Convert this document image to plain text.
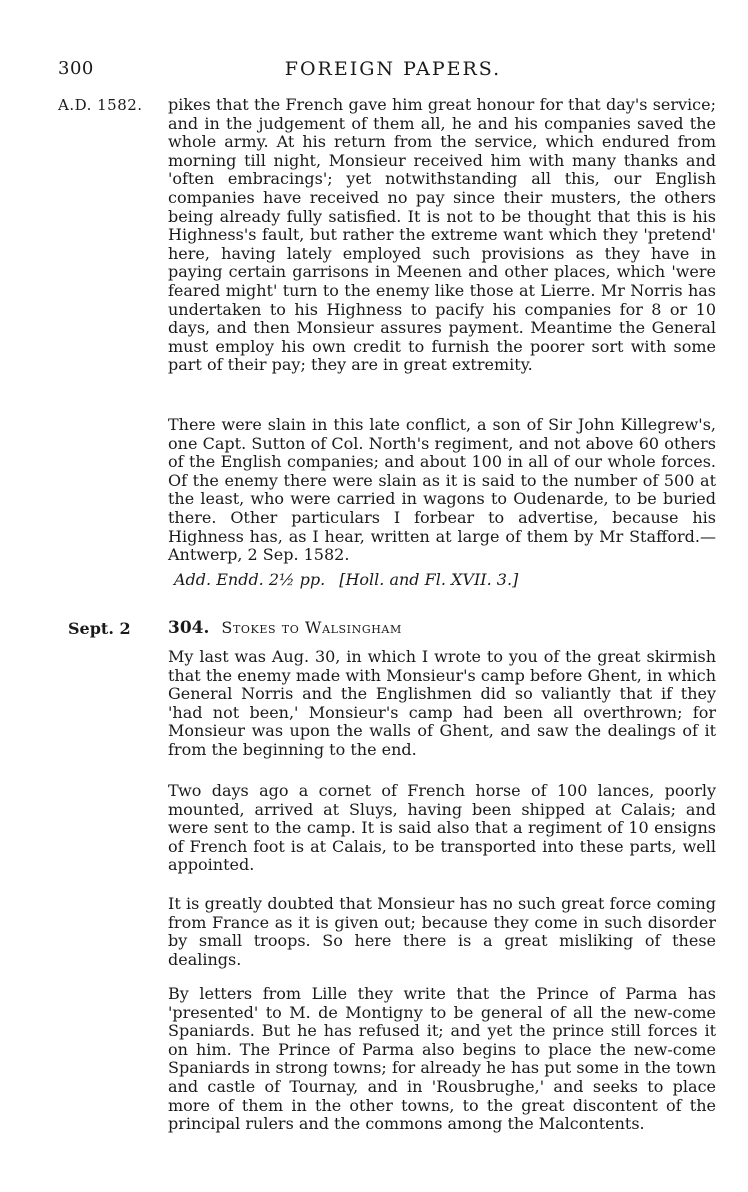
300	FOREIGN PAPERS.
A.D. 1582. pikes that the French gave him great honour for that day's service; and in the judgement of them all, he and his companies saved the whole army. At his return from the service, which endured from morning till night, Monsieur received him with many thanks and 'often embracings'; yet notwithstanding all this, our English companies have received no pay since their musters, the others being already fully satisfied. It is not to be thought that this is his Highness's fault, but rather the extreme want which they 'pretend' here, having lately employed such provisions as they have in paying certain garrisons in Meenen and other places, which 'were feared might' turn to the enemy like those at Lierre. Mr Norris has undertaken to his Highness to pacify his companies for 8 or 10 days, and then Monsieur assures payment. Meantime the General must employ his own credit to furnish the poorer sort with some part of their pay; they are in great extremity.

There were slain in this late conflict, a son of Sir John Killegrew's, one Capt. Sutton of Col. North's regiment, and not above 60 others of the English companies; and about 100 in all of our whole forces. Of the enemy there were slain as it is said to the number of 500 at the least, who were carried in wagons to Oudenarde, to be buried there. Other particulars I forbear to advertise, because his Highness has, as I hear, written at large of them by Mr Stafford.—Antwerp, 2 Sep. 1582.

Add. Endd. 2½ pp. [Holl. and Fl. XVII. 3.]
Sept. 2 304. Stokes to Walsingham

My last was Aug. 30, in which I wrote to you of the great skirmish that the enemy made with Monsieur's camp before Ghent, in which General Norris and the Englishmen did so valiantly that if they 'had not been,' Monsieur's camp had been all overthrown; for Monsieur was upon the walls of Ghent, and saw the dealings of it from the beginning to the end.

Two days ago a cornet of French horse of 100 lances, poorly mounted, arrived at Sluys, having been shipped at Calais; and were sent to the camp. It is said also that a regiment of 10 ensigns of French foot is at Calais, to be transported into these parts, well appointed.

It is greatly doubted that Monsieur has no such great force coming from France as it is given out; because they come in such disorder by small troops. So here there is a great misliking of these dealings.

By letters from Lille they write that the Prince of Parma has 'presented' to M. de Montigny to be general of all the new-come Spaniards. But he has refused it; and yet the prince still forces it on him. The Prince of Parma also begins to place the new-come Spaniards in strong towns; for already he has put some in the town and castle of Tournay, and in 'Rousbrughe,' and seeks to place more of them in the other towns, to the great discontent of the principal rulers and the commons among the Malcontents.
